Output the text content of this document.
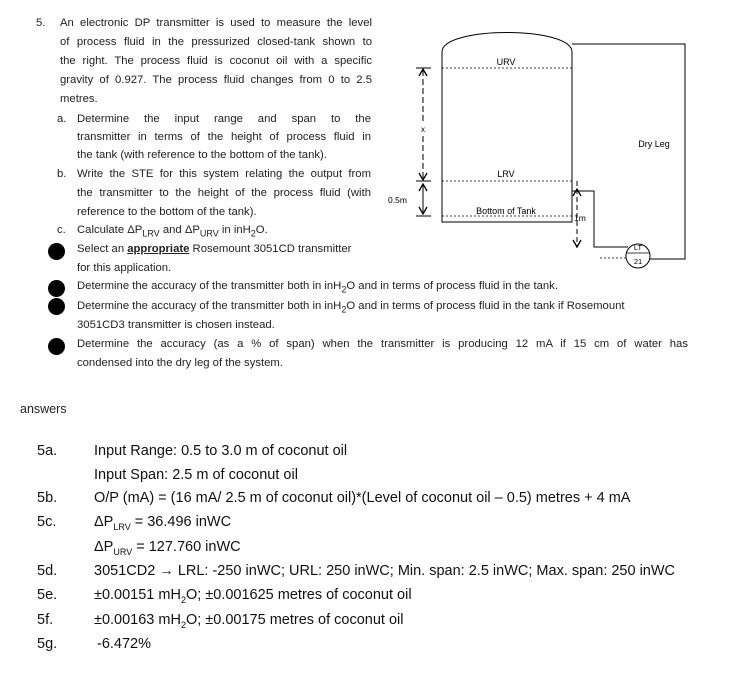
5. An electronic DP transmitter is used to measure the level
of process fluid in the pressurized closed-tank shown to
the right. The process fluid is coconut oil with a specific
gravity of 0.927. The process fluid changes from 0 to 2.5
metres.
a. Determine the input range and span to the
transmitter in terms of the height of process fluid in
the tank (with reference to the bottom of the tank).
b. Write the STE for this system relating the output from
the transmitter to the height of the process fluid (with
reference to the bottom of the tank).
c. Calculate $\Delta P_{LRV}$ and $\Delta P_{URV}$ in inH$_2$O.
Select an appropriate Rosemount 3051CD transmitter
for this application.
Determine the accuracy of the transmitter both in inH$_2$O and in terms of process fluid in the tank.
Determine the accuracy of the transmitter both in inH$_2$O and in terms of process fluid in the tank if Rosemount
3051CD3 transmitter is chosen instead.
Determine the accuracy (as a % of span) when the transmitter is producing 12 mA if 15 cm of water has
condensed into the dry leg of the system.
URV
LRV
Bottom of Tank
x
0.5m
1m
Dry Leg
LT
21
answers
5a.	Input Range: 0.5 to 3.0 m of coconut oil
Input Span: 2.5 m of coconut oil
5b.	O/P (mA) = (16 mA/ 2.5 m of coconut oil)*(Level of coconut oil – 0.5) metres + 4 mA
5c.	$\Delta P_{LRV} = 36.496$ inWC
$\Delta P_{URV} = 127.760$ inWC
5d.	3051CD2 → LRL: -250 inWC; URL: 250 inWC; Min. span: 2.5 inWC; Max. span: 250 inWC
5e.	±0.00151 $mH_2O$; ±0.001625 metres of coconut oil
5f.	±0.00163 $mH_2O$; ±0.00175 metres of coconut oil
5g.	-6.472%
